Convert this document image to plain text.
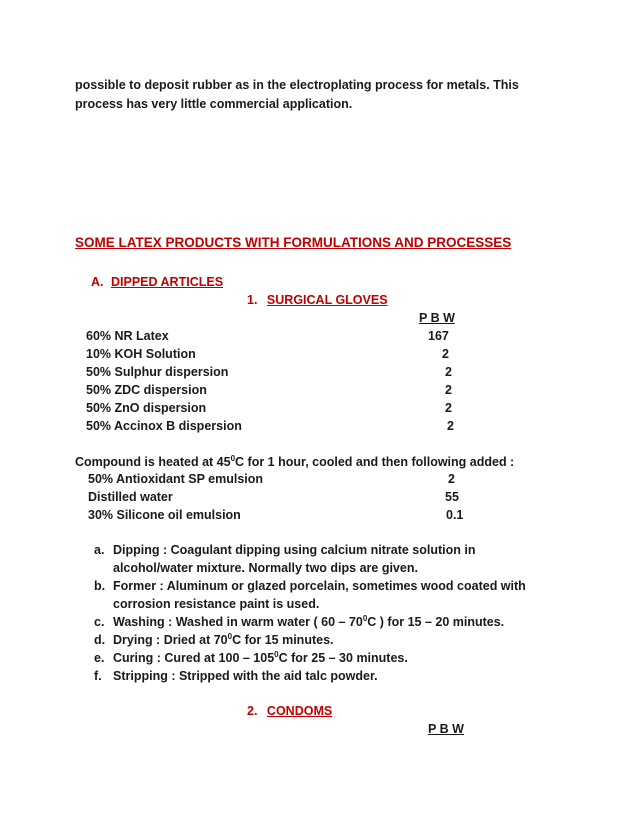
possible to deposit rubber as in the electroplating process for metals. This
process has very little commercial application.
SOME LATEX PRODUCTS WITH FORMULATIONS AND PROCESSES
A. DIPPED ARTICLES
1. SURGICAL GLOVES
P B W
60% NR Latex	167
10% KOH Solution	2
50% Sulphur dispersion	2
50% ZDC dispersion	2
50% ZnO dispersion	2
50% Accinox B dispersion	2
Compound is heated at $45^0C$ for 1 hour, cooled and then following added :
50% Antioxidant SP emulsion	2
Distilled water	55
30% Silicone oil emulsion	0.1
a. Dipping : Coagulant dipping using calcium nitrate solution in
alcohol/water mixture. Normally two dips are given.
b. Former : Aluminum or glazed porcelain, sometimes wood coated with
corrosion resistance paint is used.
c. Washing : Washed in warm water ( $60 - 70^0C$ ) for 15 – 20 minutes.
d. Drying : Dried at $70^0C$ for 15 minutes.
e. Curing : Cured at $100 - 105^0C$ for 25 – 30 minutes.
f. Stripping : Stripped with the aid talc powder.
2. CONDOMS
P B W
